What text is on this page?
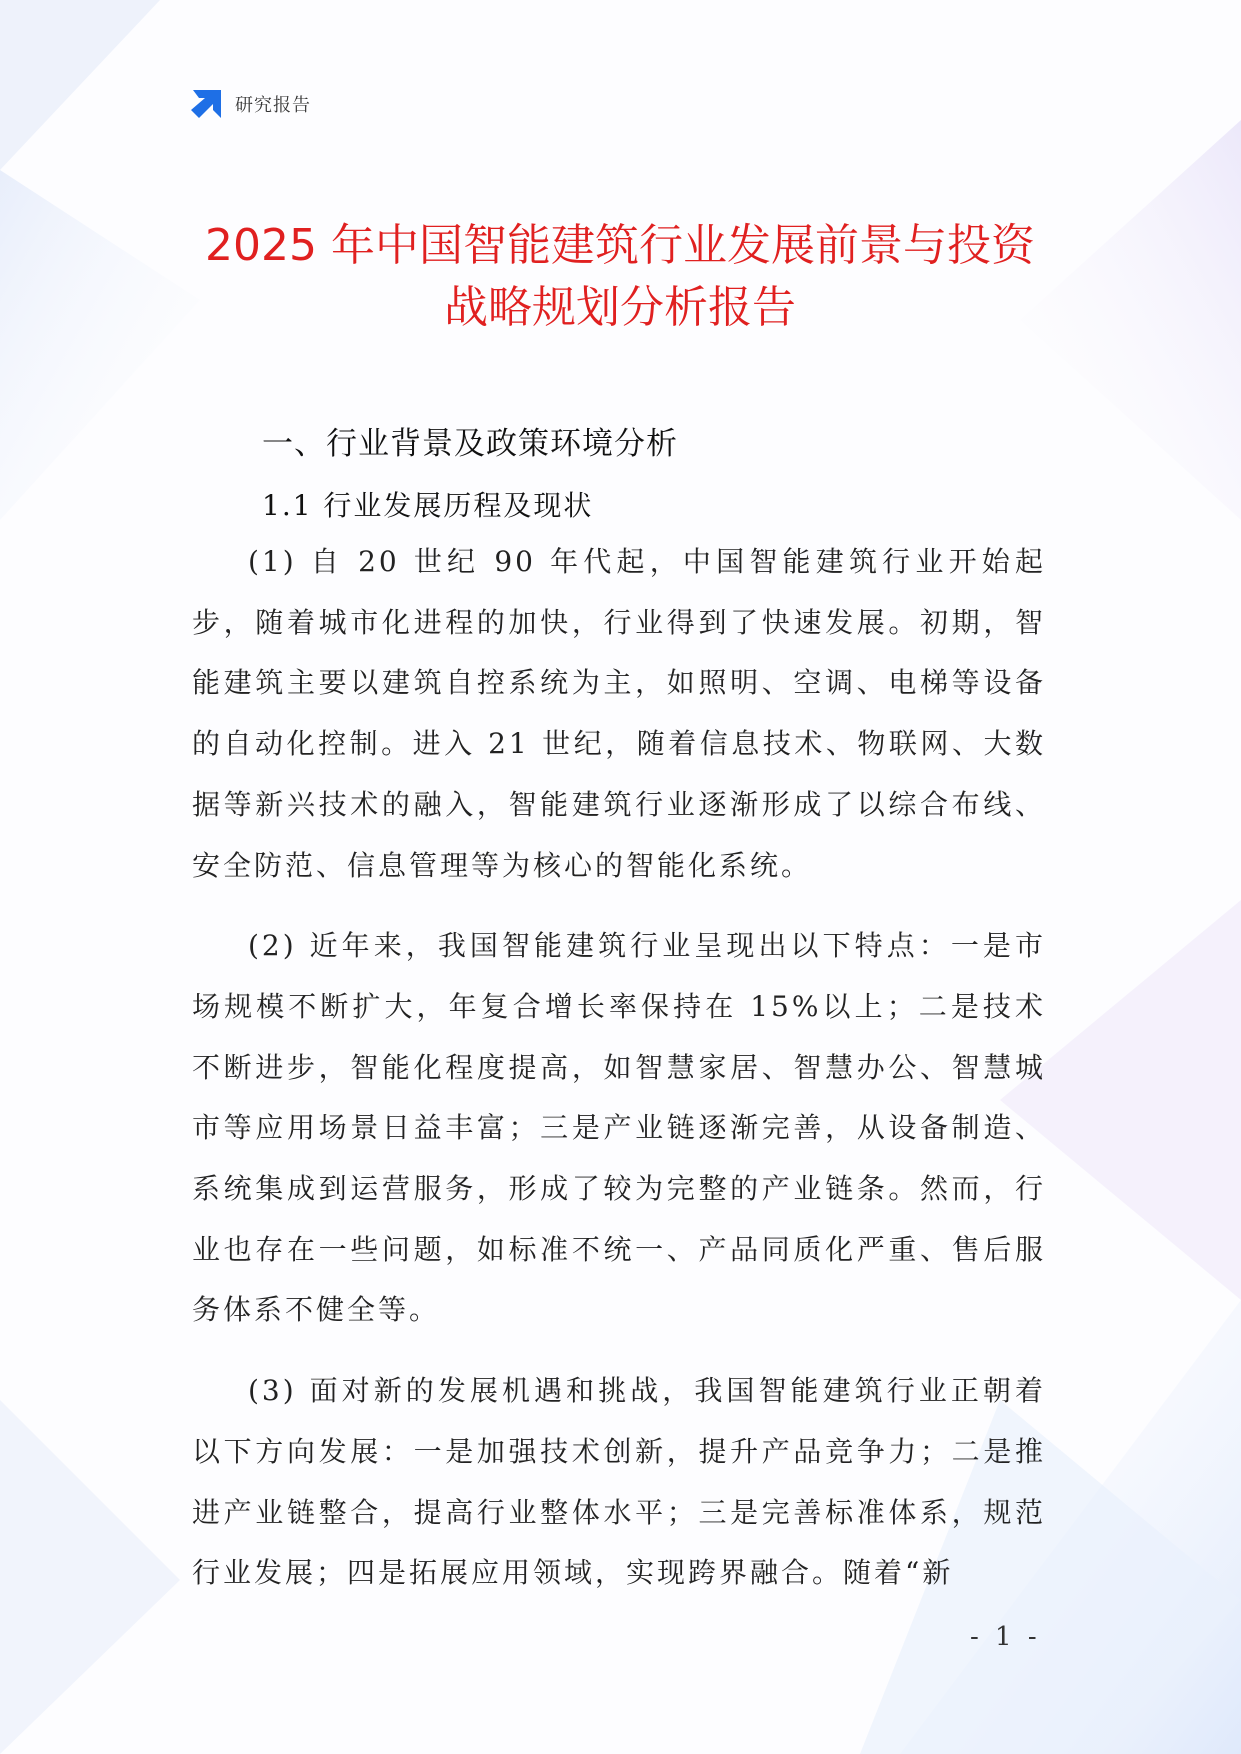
研究报告
2025 年中国智能建筑行业发展前景与投资
战略规划分析报告
一、行业背景及政策环境分析
1.1 行业发展历程及现状

(1) 自 20 世纪 90 年代起，中国智能建筑行业开始起步，随着城市化进程的加快，行业得到了快速发展。初期，智能建筑主要以建筑自控系统为主，如照明、空调、电梯等设备的自动化控制。进入 21 世纪，随着信息技术、物联网、大数据等新兴技术的融入，智能建筑行业逐渐形成了以综合布线、安全防范、信息管理等为核心的智能化系统。

(2) 近年来，我国智能建筑行业呈现出以下特点：一是市场规模不断扩大，年复合增长率保持在 15%以上；二是技术不断进步，智能化程度提高，如智慧家居、智慧办公、智慧城市等应用场景日益丰富；三是产业链逐渐完善，从设备制造、系统集成到运营服务，形成了较为完整的产业链条。然而，行业也存在一些问题，如标准不统一、产品同质化严重、售后服务体系不健全等。

(3) 面对新的发展机遇和挑战，我国智能建筑行业正朝着以下方向发展：一是加强技术创新，提升产品竞争力；二是推进产业链整合，提高行业整体水平；三是完善标准体系，规范行业发展；四是拓展应用领域，实现跨界融合。随着“新

- 1 -
